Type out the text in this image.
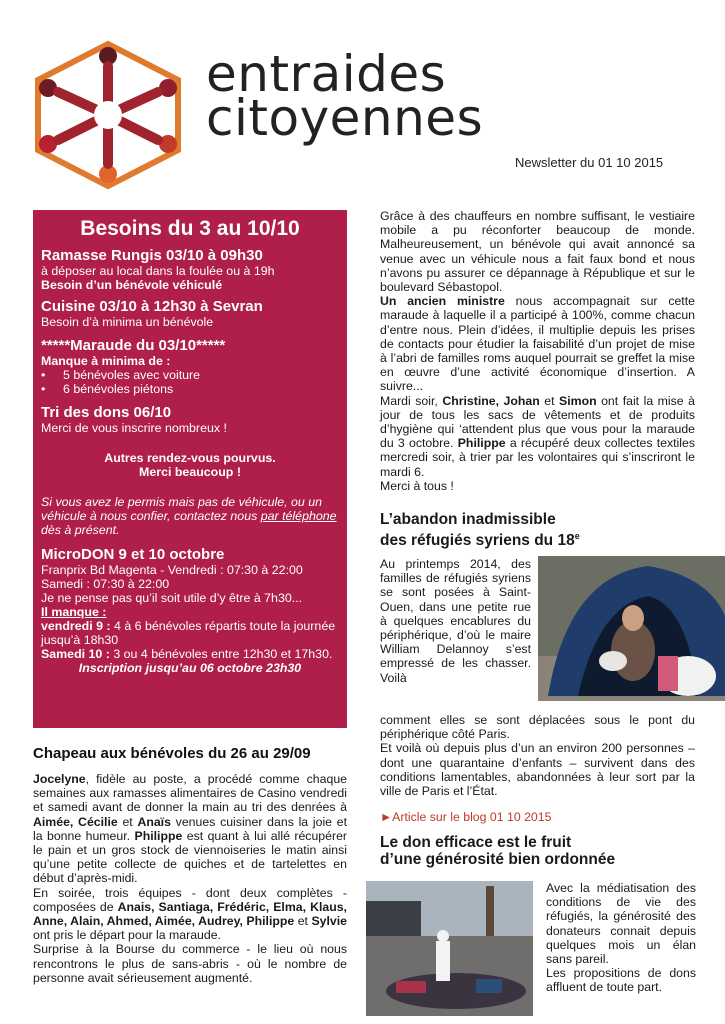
entraides
citoyennes
Newsletter du 01 10 2015
Besoins du 3 au 10/10
Ramasse Rungis 03/10 à 09h30
à déposer au local dans la foulée ou à 19h
Besoin d’un bénévole véhiculé
Cuisine 03/10 à 12h30 à Sevran
Besoin d’à minima un bénévole
*****Maraude du 03/10*****
Manque à minima de :
•	5 bénévoles avec voiture
•	6 bénévoles piétons
Tri des dons 06/10
Merci de vous inscrire nombreux !
Autres rendez-vous pourvus.
Merci beaucoup !
Si vous avez le permis mais pas de véhicule, ou un véhicule à nous confier, contactez nous par téléphone dès à présent.
MicroDON 9 et 10 octobre
Franprix Bd Magenta - Vendredi : 07:30 à 22:00
Samedi : 07:30 à 22:00
Je ne pense pas qu’il soit utile d’y être à 7h30...
Il manque :
vendredi 9 : 4 à 6 bénévoles répartis toute la journée jusqu’à 18h30
Samedi 10 : 3 ou 4 bénévoles entre 12h30 et 17h30.
Inscription jusqu’au 06 octobre 23h30
Chapeau aux bénévoles du 26 au 29/09

Jocelyne, fidèle au poste, a procédé comme chaque semaines aux ramasses alimentaires de Casino vendredi et samedi avant de donner la main au tri des denrées à Aimée, Cécilie et Anaïs venues cuisiner dans la joie et la bonne humeur. Philippe est quant à lui allé récupérer le pain et un gros stock de viennoiseries le matin ainsi qu’une petite collecte de quiches et de tartelettes en début d’après-midi.

En soirée, trois équipes - dont deux complètes - composées de Anais, Santiaga, Frédéric, Elma, Klaus, Anne, Alain, Ahmed, Aimée, Audrey, Philippe et Sylvie ont pris le départ pour la maraude.

Surprise à la Bourse du commerce - le lieu où nous rencontrons le plus de sans-abris - où le nombre de personne avait sérieusement augmenté.

Grâce à des chauffeurs en nombre suffisant, le vestiaire mobile a pu réconforter beaucoup de monde. Malheureusement, un bénévole qui avait annoncé sa venue avec un véhicule nous a fait faux bond et nous n’avons pu assurer ce dépannage à République et sur le boulevard Sébastopol.

Un ancien ministre nous accompagnait sur cette maraude à laquelle il a participé à 100%, comme chacun d’entre nous. Plein d’idées, il multiplie depuis les prises de contacts pour étudier la faisabilité d’un projet de mise à l’abri de familles roms auquel pourrait se greffet la mise en œuvre d’une activité économique d’insertion. A suivre...

Mardi soir, Christine, Johan et Simon ont fait la mise à jour de tous les sacs de vêtements et de produits d’hygiène qui ‘attendent plus que vous pour la maraude du 3 octobre. Philippe a récupéré deux collectes textiles mercredi soir, à trier par les volontaires qui s’inscriront le mardi 6.

Merci à tous !

L’abandon inadmissible
des réfugiés syriens du 18e
Au printemps 2014, des familles de réfugiés syriens se sont posées à Saint-Ouen, dans une petite rue à quelques encablures du périphérique, d’où le maire William Delannoy s’est empressé de les chasser. Voilà

comment elles se sont déplacées sous le pont du périphérique côté Paris.

Et voilà où depuis plus d’un an environ 200 personnes – dont une quarantaine d’enfants – survivent dans des conditions lamentables, abandonnées à leur sort par la ville de Paris et l’État.

►Article sur le blog 01 10 2015
Le don efficace est le fruit
d’une générosité bien ordonnée

Avec la médiatisation des conditions de vie des réfugiés, la générosité des donateurs connait depuis quelques mois un élan sans pareil.

Les propositions de dons affluent de toute part.
